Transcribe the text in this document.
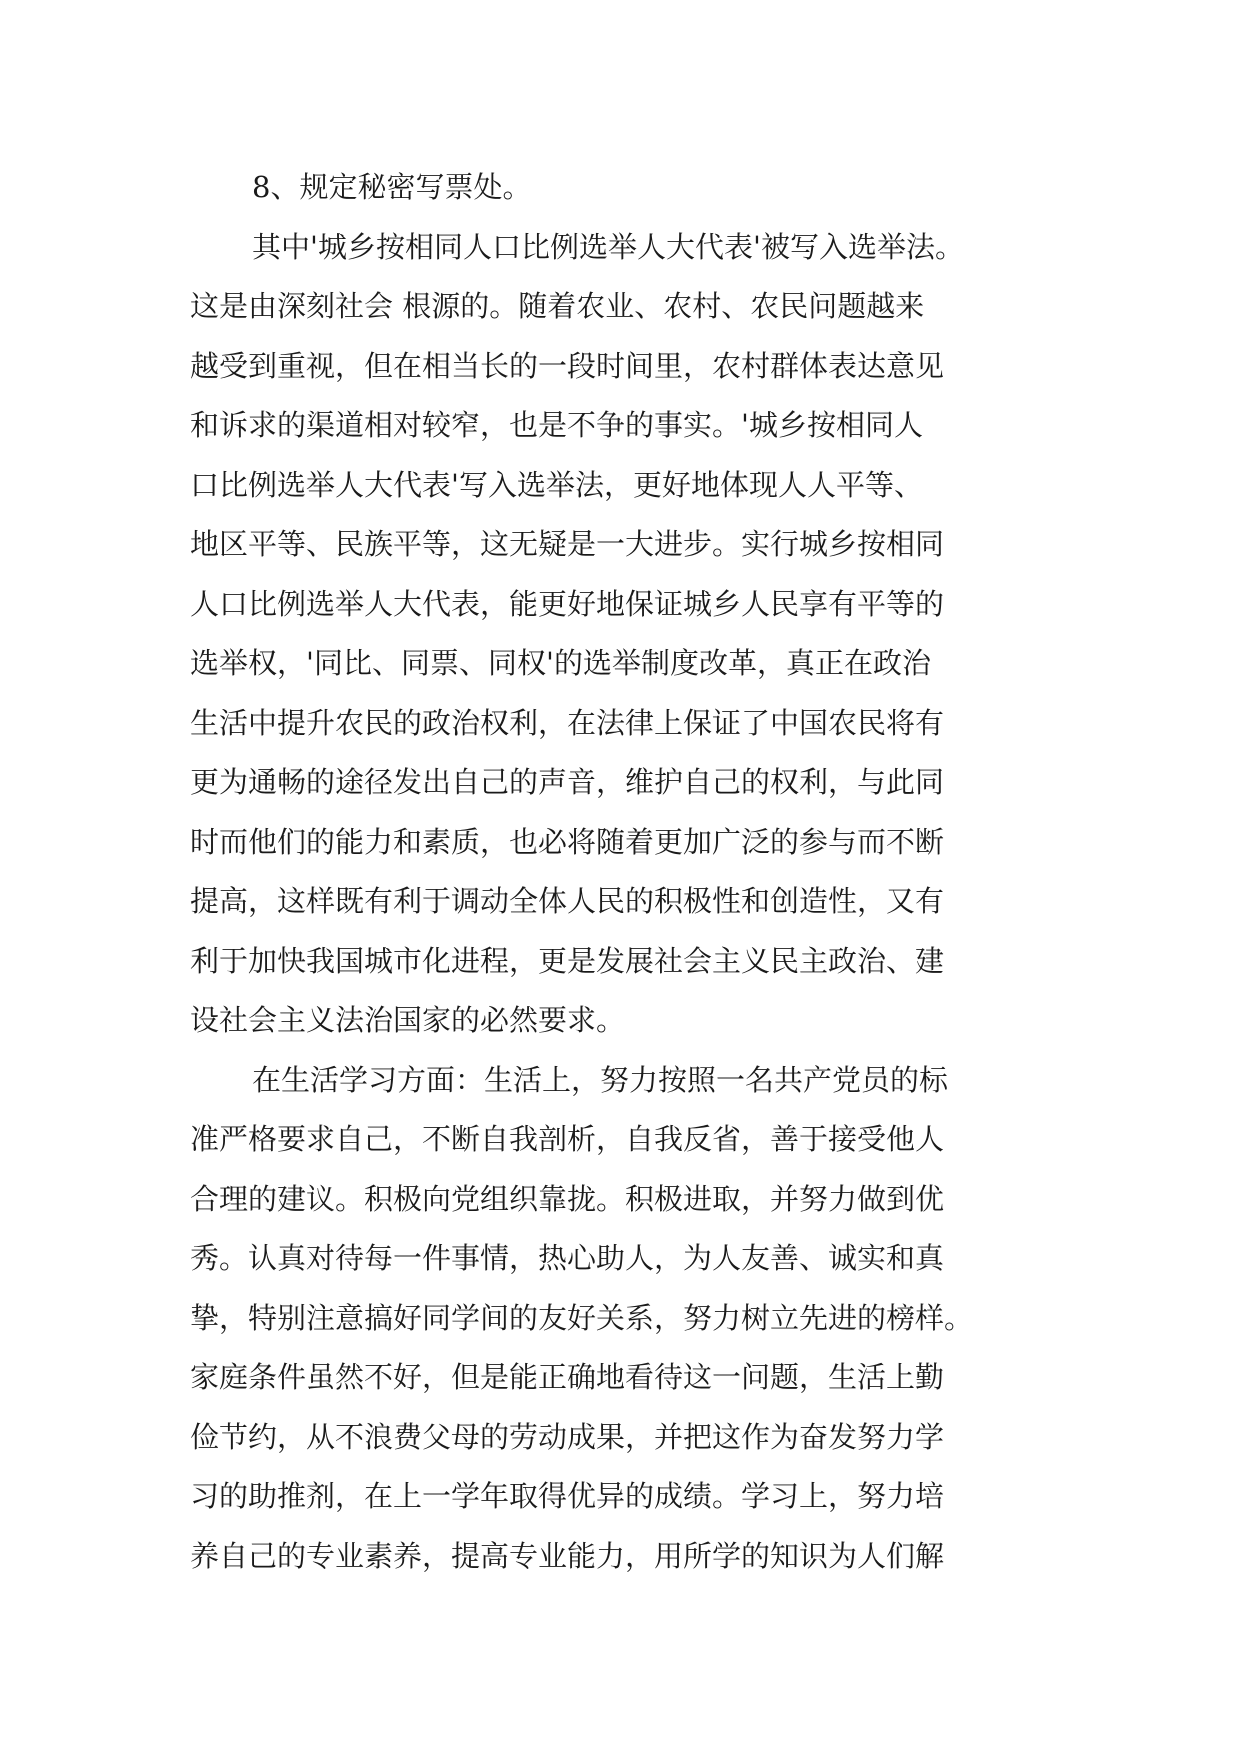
8、规定秘密写票处。
其中'城乡按相同人口比例选举人大代表'被写入选举法。
这是由深刻社会 根源的。随着农业、农村、农民问题越来
越受到重视，但在相当长的一段时间里，农村群体表达意见
和诉求的渠道相对较窄，也是不争的事实。'城乡按相同人
口比例选举人大代表'写入选举法，更好地体现人人平等、
地区平等、民族平等，这无疑是一大进步。实行城乡按相同
人口比例选举人大代表，能更好地保证城乡人民享有平等的
选举权，'同比、同票、同权'的选举制度改革，真正在政治
生活中提升农民的政治权利，在法律上保证了中国农民将有
更为通畅的途径发出自己的声音，维护自己的权利，与此同
时而他们的能力和素质，也必将随着更加广泛的参与而不断
提高，这样既有利于调动全体人民的积极性和创造性，又有
利于加快我国城市化进程，更是发展社会主义民主政治、建
设社会主义法治国家的必然要求。
在生活学习方面：生活上，努力按照一名共产党员的标
准严格要求自己，不断自我剖析，自我反省，善于接受他人
合理的建议。积极向党组织靠拢。积极进取，并努力做到优
秀。认真对待每一件事情，热心助人，为人友善、诚实和真
挚，特别注意搞好同学间的友好关系，努力树立先进的榜样。
家庭条件虽然不好，但是能正确地看待这一问题，生活上勤
俭节约，从不浪费父母的劳动成果，并把这作为奋发努力学
习的助推剂，在上一学年取得优异的成绩。学习上，努力培
养自己的专业素养，提高专业能力，用所学的知识为人们解
